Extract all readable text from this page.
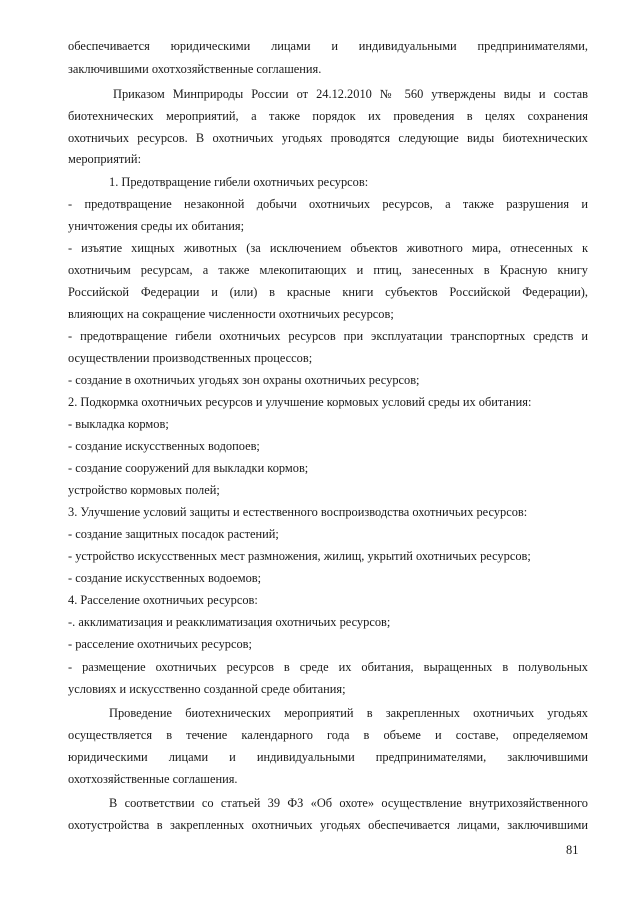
обеспечивается юридическими лицами и индивидуальными предпринимателями,
заключившими охотхозяйственные соглашения.
Приказом Минприроды России от 24.12.2010 № 560 утверждены виды и состав
биотехнических мероприятий, а также порядок их проведения в целях сохранения
охотничьих ресурсов. В охотничьих угодьях проводятся следующие виды биотехнических
мероприятий:
1. Предотвращение гибели охотничьих ресурсов:
- предотвращение незаконной добычи охотничьих ресурсов, а также разрушения и
уничтожения среды их обитания;
- изъятие хищных животных (за исключением объектов животного мира, отнесенных к
охотничьим ресурсам, а также млекопитающих и птиц, занесенных в Красную книгу
Российской Федерации и (или) в красные книги субъектов Российской Федерации),
влияющих на сокращение численности охотничьих ресурсов;
- предотвращение гибели охотничьих ресурсов при эксплуатации транспортных средств и
осуществлении производственных процессов;
- создание в охотничьих угодьях зон охраны охотничьих ресурсов;
2. Подкормка охотничьих ресурсов и улучшение кормовых условий среды их обитания:
- выкладка кормов;
- создание искусственных водопоев;
- создание сооружений для выкладки кормов;
устройство кормовых полей;
3. Улучшение условий защиты и естественного воспроизводства охотничьих ресурсов:
- создание защитных посадок растений;
- устройство искусственных мест размножения, жилищ, укрытий охотничьих ресурсов;
- создание искусственных водоемов;
4. Расселение охотничьих ресурсов:
-. акклиматизация и реакклиматизация охотничьих ресурсов;
- расселение охотничьих ресурсов;
- размещение охотничьих ресурсов в среде их обитания, выращенных в полувольных
условиях и искусственно созданной среде обитания;
Проведение биотехнических мероприятий в закрепленных охотничьих угодьях
осуществляется в течение календарного года в объеме и составе, определяемом
юридическими лицами и индивидуальными предпринимателями, заключившими
охотхозяйственные соглашения.
В соответствии со статьей 39 ФЗ «Об охоте» осуществление внутрихозяйственного
охотустройства в закрепленных охотничьих угодьях обеспечивается лицами, заключившими
81
